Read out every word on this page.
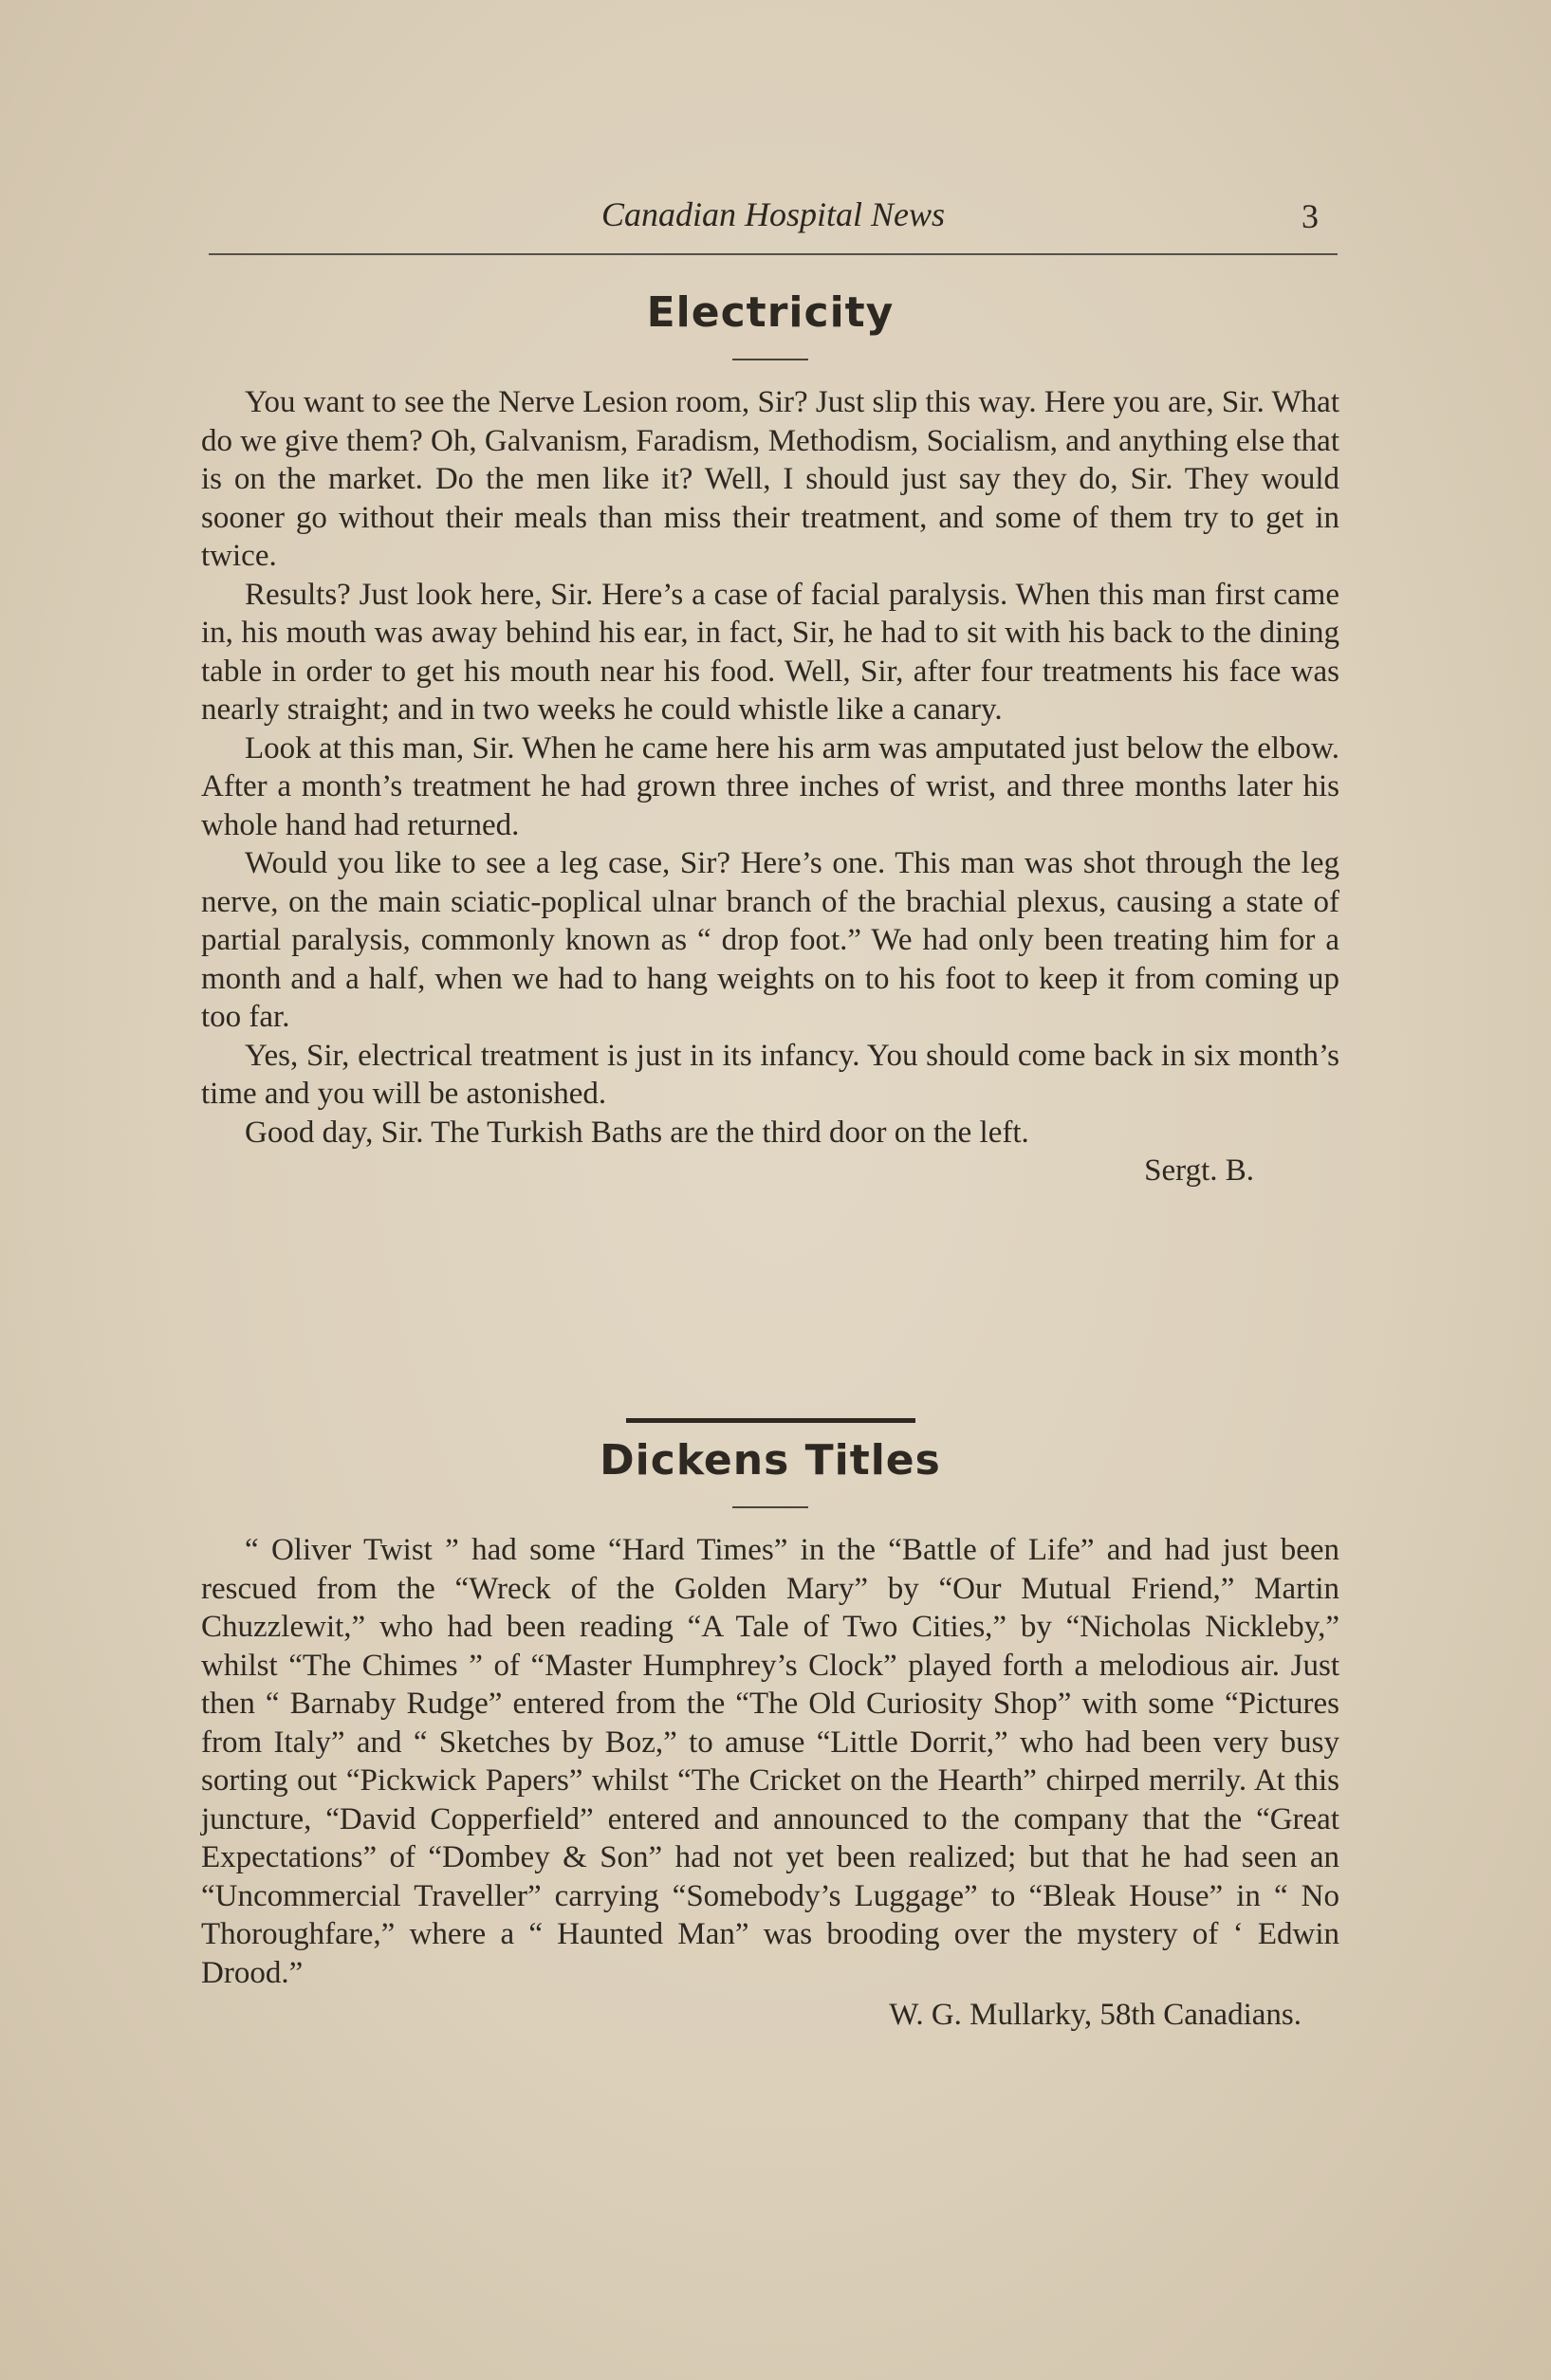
Canadian Hospital News	3
Electricity

You want to see the Nerve Lesion room, Sir? Just slip this way. Here you are, Sir. What do we give them? Oh, Galvanism, Faradism, Methodism, Socialism, and anything else that is on the market. Do the men like it? Well, I should just say they do, Sir. They would sooner go without their meals than miss their treatment, and some of them try to get in twice.

Results? Just look here, Sir. Here’s a case of facial paralysis. When this man first came in, his mouth was away behind his ear, in fact, Sir, he had to sit with his back to the dining table in order to get his mouth near his food. Well, Sir, after four treatments his face was nearly straight; and in two weeks he could whistle like a canary.

Look at this man, Sir. When he came here his arm was amputated just below the elbow. After a month’s treatment he had grown three inches of wrist, and three months later his whole hand had returned.

Would you like to see a leg case, Sir? Here’s one. This man was shot through the leg nerve, on the main sciatic-poplical ulnar branch of the brachial plexus, causing a state of partial paralysis, commonly known as “ drop foot.” We had only been treating him for a month and a half, when we had to hang weights on to his foot to keep it from coming up too far.

Yes, Sir, electrical treatment is just in its infancy. You should come back in six month’s time and you will be astonished.

Good day, Sir. The Turkish Baths are the third door on the left.

Sergt. B.

Dickens Titles

“ Oliver Twist ” had some “Hard Times” in the “Battle of Life” and had just been rescued from the “Wreck of the Golden Mary” by “Our Mutual Friend,” Martin Chuzzlewit,” who had been reading “A Tale of Two Cities,” by “Nicholas Nickleby,” whilst “The Chimes ” of “Master Humphrey’s Clock” played forth a melodious air. Just then “ Barnaby Rudge” entered from the “The Old Curiosity Shop” with some “Pictures from Italy” and “ Sketches by Boz,” to amuse “Little Dorrit,” who had been very busy sorting out “Pickwick Papers” whilst “The Cricket on the Hearth” chirped merrily. At this juncture, “David Copperfield” entered and announced to the company that the “Great Expectations” of “Dombey & Son” had not yet been realized; but that he had seen an “Uncommercial Traveller” carrying “Somebody’s Luggage” to “Bleak House” in “ No Thoroughfare,” where a “ Haunted Man” was brooding over the mystery of ‘ Edwin Drood.”

W. G. Mullarky, 58th Canadians.
